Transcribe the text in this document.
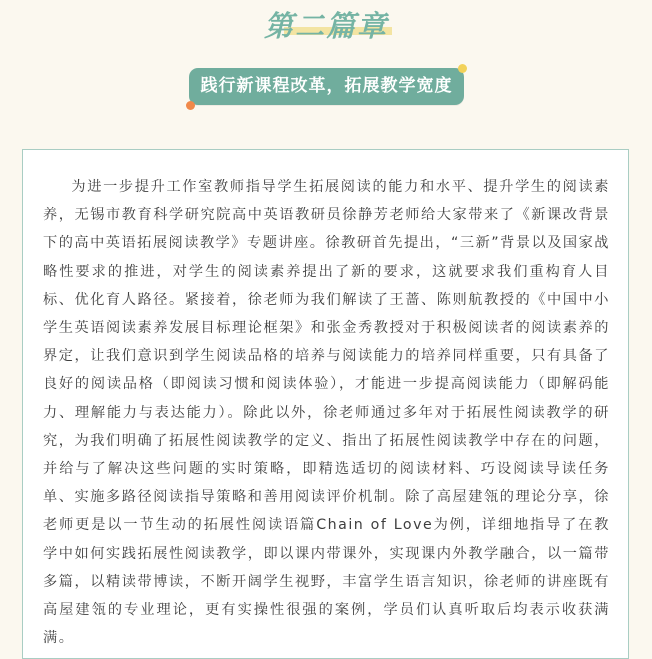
第二篇章
践行新课程改革，拓展教学宽度

为进一步提升工作室教师指导学生拓展阅读的能力和水平、提升学生的阅读素养，无锡市教育科学研究院高中英语教研员徐静芳老师给大家带来了《新课改背景下的高中英语拓展阅读教学》专题讲座。徐教研首先提出，“三新”背景以及国家战略性要求的推进，对学生的阅读素养提出了新的要求，这就要求我们重构育人目标、优化育人路径。紧接着，徐老师为我们解读了王蔷、陈则航教授的《中国中小学生英语阅读素养发展目标理论框架》和张金秀教授对于积极阅读者的阅读素养的界定，让我们意识到学生阅读品格的培养与阅读能力的培养同样重要，只有具备了良好的阅读品格（即阅读习惯和阅读体验），才能进一步提高阅读能力（即解码能力、理解能力与表达能力）。除此以外，徐老师通过多年对于拓展性阅读教学的研究，为我们明确了拓展性阅读教学的定义、指出了拓展性阅读教学中存在的问题，并给与了解决这些问题的实时策略，即精选适切的阅读材料、巧设阅读导读任务单、实施多路径阅读指导策略和善用阅读评价机制。除了高屋建瓴的理论分享，徐老师更是以一节生动的拓展性阅读语篇Chain of Love为例，详细地指导了在教学中如何实践拓展性阅读教学，即以课内带课外，实现课内外教学融合，以一篇带多篇，以精读带博读，不断开阔学生视野，丰富学生语言知识，徐老师的讲座既有高屋建瓴的专业理论，更有实操性很强的案例，学员们认真听取后均表示收获满满。
